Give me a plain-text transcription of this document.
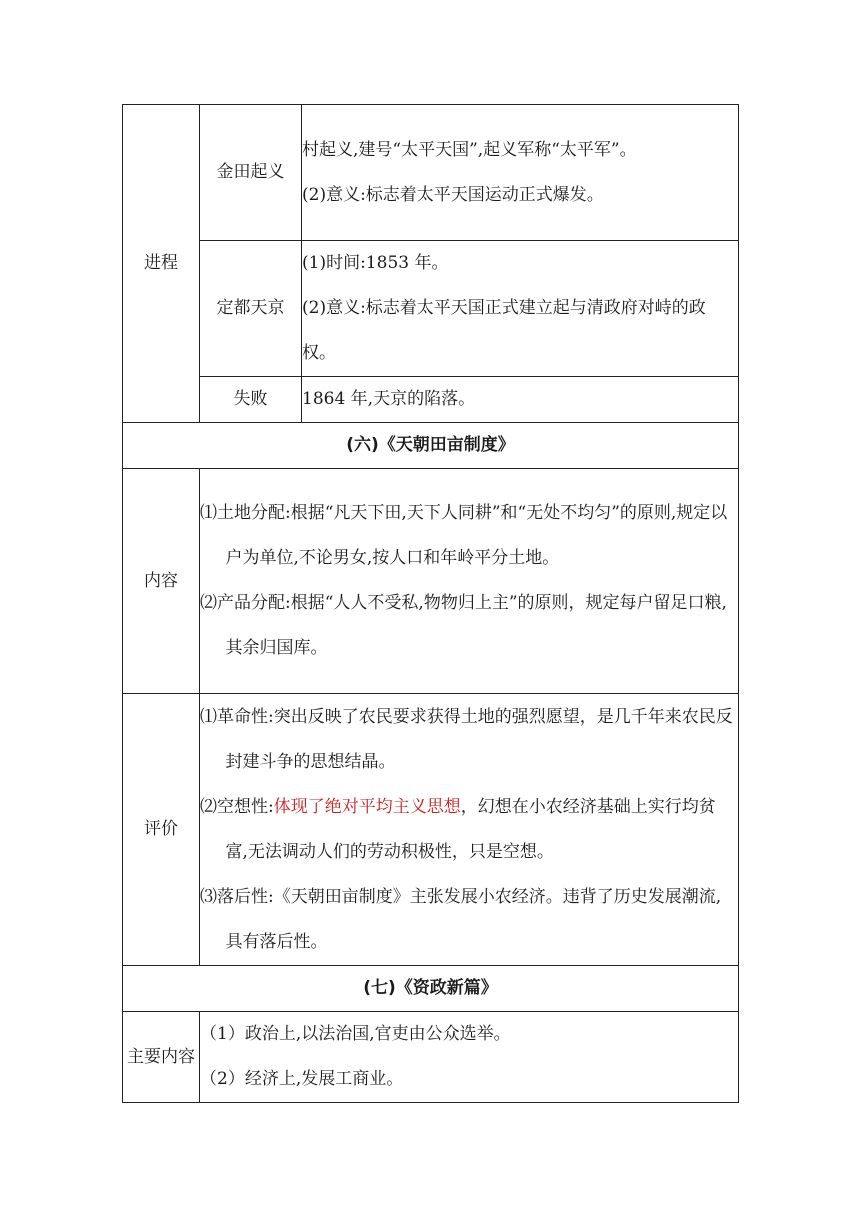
进程	金田起义	村起义,建号“太平天国”,起义军称“太平军”。

(2)意义:标志着太平天国运动正式爆发。

	定都天京	(1)时间:1853 年。

(2)意义:标志着太平天国正式建立起与清政府对峙的政权。

	失败	1864 年,天京的陷落。
(六)《天朝田亩制度》		
内容	⑴土地分配:根据“凡天下田,天下人同耕”和“无处不均匀”的原则,规定以户为单位,不论男女,按人口和年岭平分土地。

⑵产品分配:根据“人人不受私,物物归上主”的原则，规定每户留足口粮,其余归国库。	

评价	⑴革命性:突出反映了农民要求获得土地的强烈愿望，是几千年来农民反封建斗争的思想结晶。

⑵空想性:体现了绝对平均主义思想，幻想在小农经济基础上实行均贫富,无法调动人们的劳动积极性，只是空想。

⑶落后性:《天朝田亩制度》主张发展小农经济。违背了历史发展潮流,具有落后性。	

(七)《资政新篇》		
主要内容	（1）政治上,以法治国,官吏由公众选举。

（2）经济上,发展工商业。	
